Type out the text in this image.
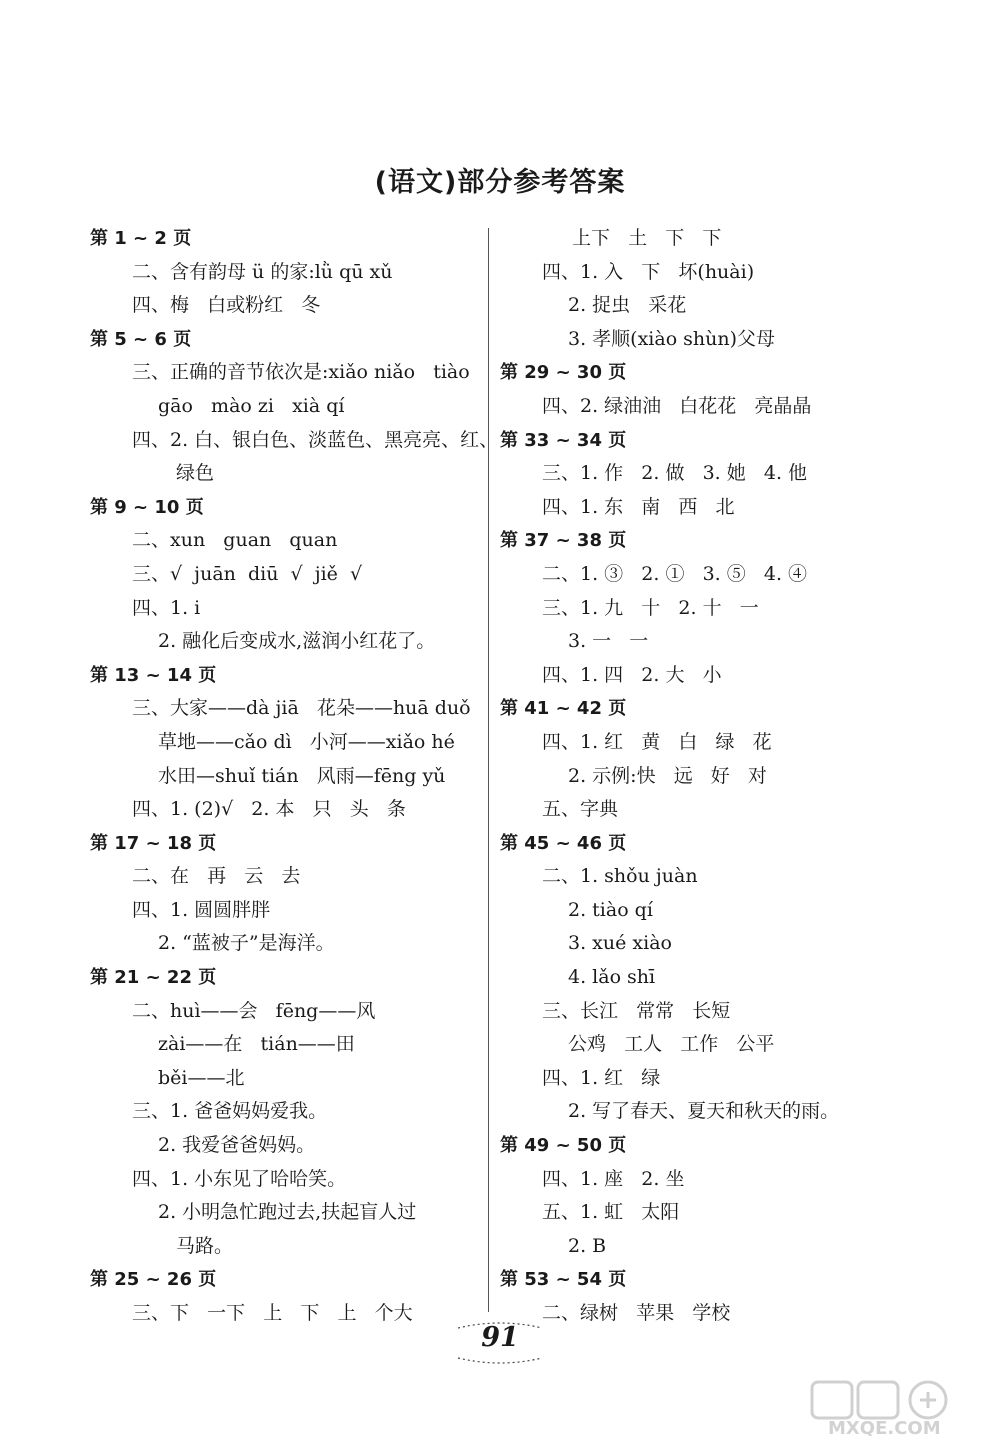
(语文)部分参考答案
第 1 ~ 2 页
二、含有韵母 ü 的家:lǜ qū xǔ
四、梅   白或粉红   冬
第 5 ~ 6 页
三、正确的音节依次是:xiǎo niǎo   tiào
gāo   mào zi   xià qí
四、2. 白、银白色、淡蓝色、黑亮亮、红、
绿色
第 9 ~ 10 页
二、xun   guan   quan
三、√  juān  diū  √  jiě  √
四、1. i
2. 融化后变成水,滋润小红花了。
第 13 ~ 14 页
三、大家——dà jiā   花朵——huā duǒ
草地——cǎo dì   小河——xiǎo hé
水田—shuǐ tián   风雨—fēng yǔ
四、1. (2)√   2. 本   只   头   条
第 17 ~ 18 页
二、在   再   云   去
四、1. 圆圆胖胖
2. “蓝被子”是海洋。
第 21 ~ 22 页
二、huì——会   fēng——风
zài——在   tián——田
běi——北
三、1. 爸爸妈妈爱我。
2. 我爱爸爸妈妈。
四、1. 小东见了哈哈笑。
2. 小明急忙跑过去,扶起盲人过
马路。
第 25 ~ 26 页
三、下   一下   上   下   上   个大
上下   土   下   下
四、1. 入   下   坏(huài)
2. 捉虫   采花
3. 孝顺(xiào shùn)父母
第 29 ~ 30 页
四、2. 绿油油   白花花   亮晶晶
第 33 ~ 34 页
三、1. 作   2. 做   3. 她   4. 他
四、1. 东   南   西   北
第 37 ~ 38 页
二、1. ③   2. ①   3. ⑤   4. ④
三、1. 九   十   2. 十   一
3. 一   一
四、1. 四   2. 大   小
第 41 ~ 42 页
四、1. 红   黄   白   绿   花
2. 示例:快   远   好   对
五、字典
第 45 ~ 46 页
二、1. shǒu juàn
2. tiào qí
3. xué xiào
4. lǎo shī
三、长江   常常   长短
公鸡   工人   工作   公平
四、1. 红   绿
2. 写了春天、夏天和秋天的雨。
第 49 ~ 50 页
四、1. 座   2. 坐
五、1. 虹   太阳
2. B
第 53 ~ 54 页
二、绿树   苹果   学校
91
MXQE.COM
